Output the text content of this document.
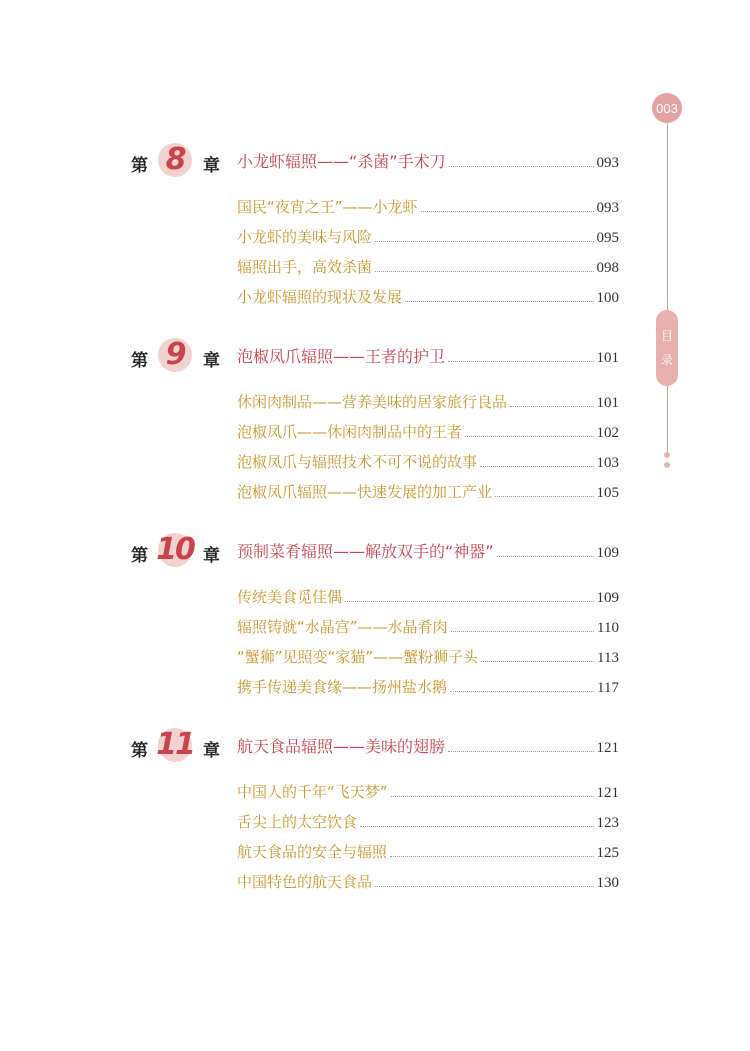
003
目
录
第 8	章 小龙虾辐照——“杀菌”手术刀	093
国民“夜宵之王”——小龙虾	093
小龙虾的美味与风险	095
辐照出手，高效杀菌	098
小龙虾辐照的现状及发展	100
第 9	章 泡椒凤爪辐照——王者的护卫	101
休闲肉制品——营养美味的居家旅行良品	101
泡椒凤爪——休闲肉制品中的王者	102
泡椒凤爪与辐照技术不可不说的故事	103
泡椒凤爪辐照——快速发展的加工产业	105
第 10 章 预制菜肴辐照——解放双手的“神器”	109
传统美食觅佳偶	109
辐照铸就“水晶宫”——水晶肴肉	110
“蟹狮”见照变“家猫”——蟹粉狮子头	113
携手传递美食缘——扬州盐水鹅	117
第 11 章 航天食品辐照——美味的翅膀	121
中国人的千年“飞天梦”	121
舌尖上的太空饮食	123
航天食品的安全与辐照	125
中国特色的航天食品	130
